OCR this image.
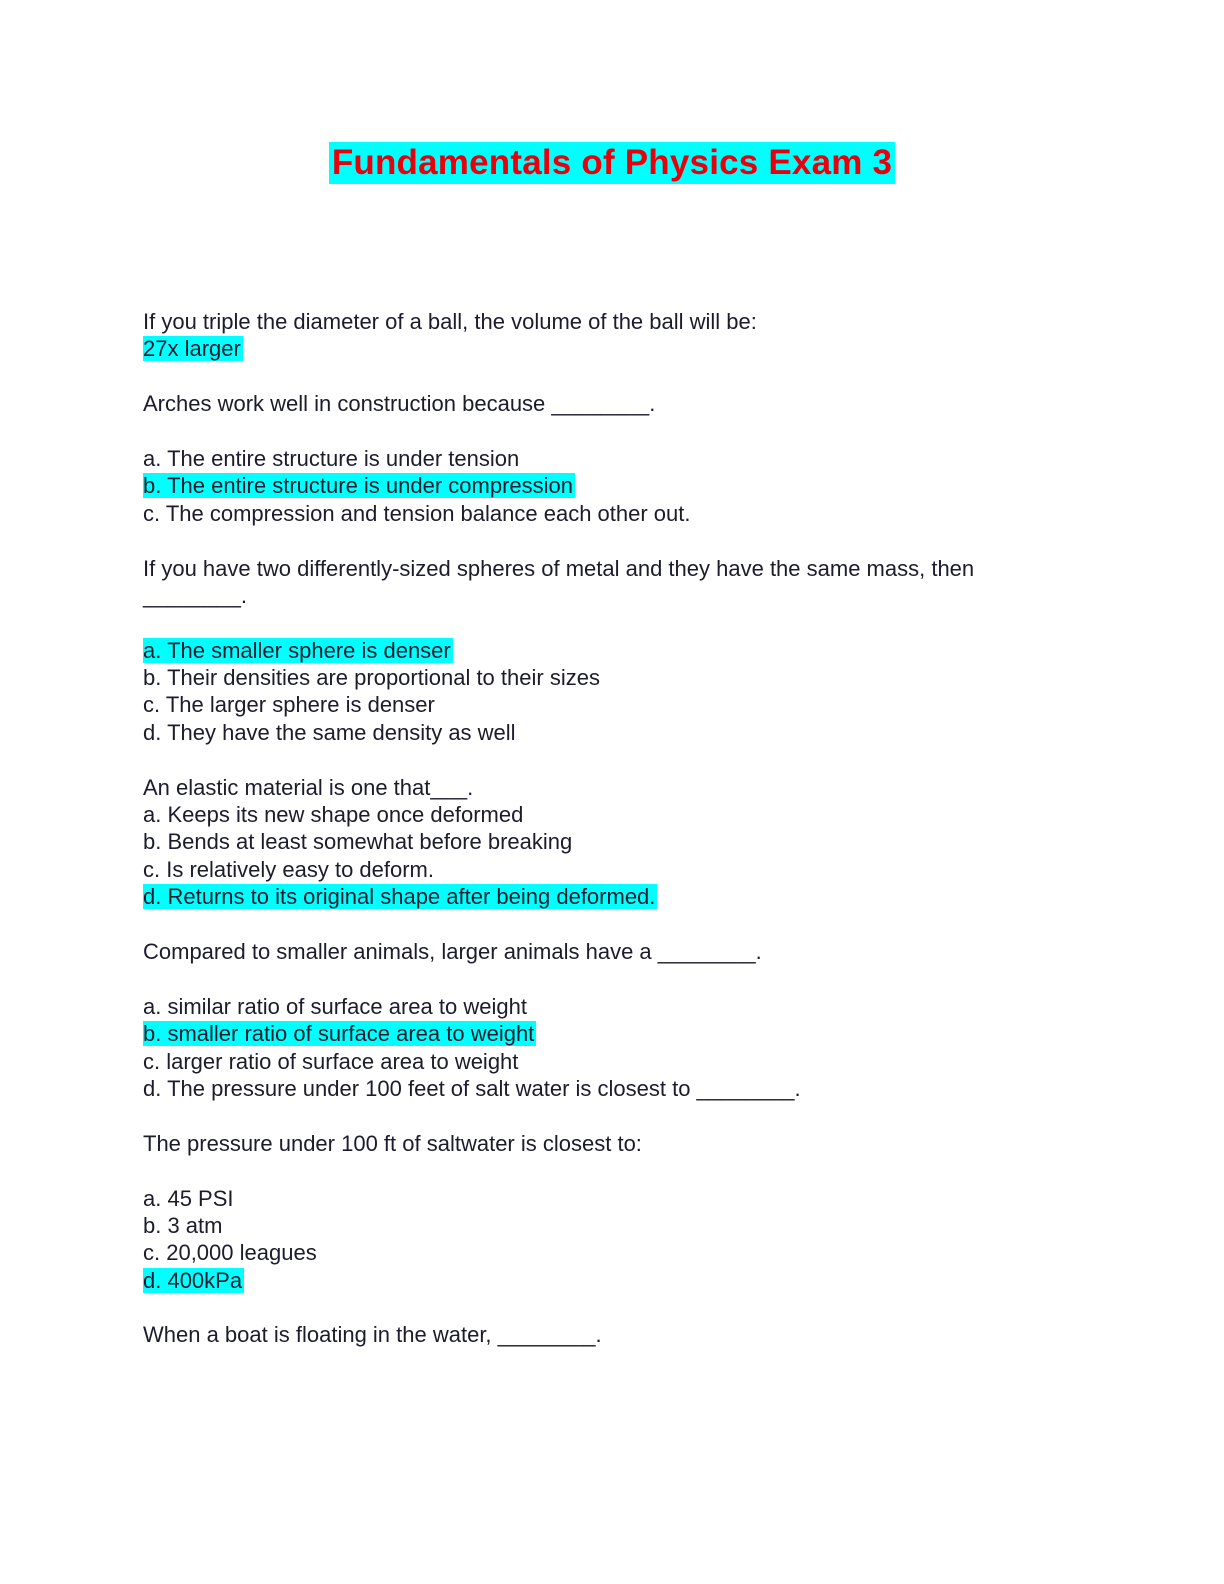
Fundamentals of Physics Exam 3
If you triple the diameter of a ball, the volume of the ball will be:
27x larger
Arches work well in construction because ________.
a. The entire structure is under tension
b. The entire structure is under compression
c. The compression and tension balance each other out.
If you have two differently-sized spheres of metal and they have the same mass, then
________.
a. The smaller sphere is denser
b. Their densities are proportional to their sizes
c. The larger sphere is denser
d. They have the same density as well
An elastic material is one that___.
a. Keeps its new shape once deformed
b. Bends at least somewhat before breaking
c. Is relatively easy to deform.
d. Returns to its original shape after being deformed.
Compared to smaller animals, larger animals have a ________.
a. similar ratio of surface area to weight
b. smaller ratio of surface area to weight
c. larger ratio of surface area to weight
d. The pressure under 100 feet of salt water is closest to ________.
The pressure under 100 ft of saltwater is closest to:
a. 45 PSI
b. 3 atm
c. 20,000 leagues
d. 400kPa
When a boat is floating in the water, ________.
